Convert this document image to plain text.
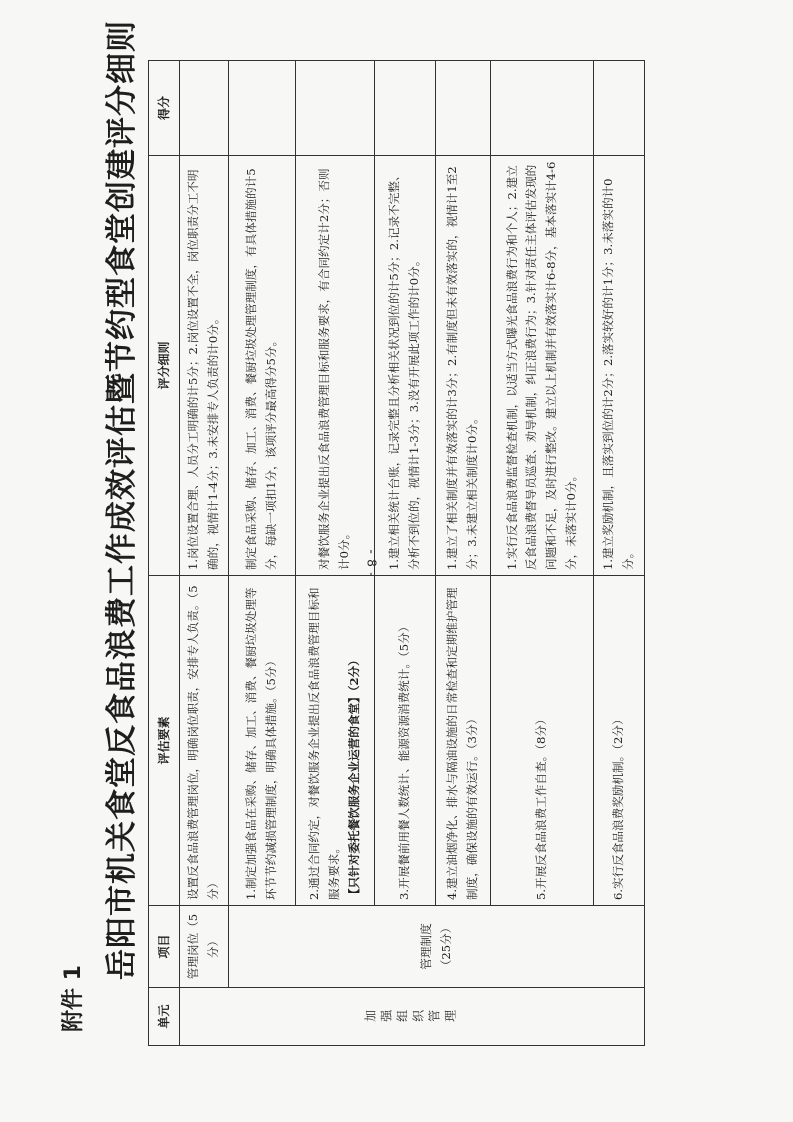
- 8 -
附件 1
岳阳市机关食堂反食品浪费工作成效评估暨节约型食堂创建评分细则
单元	项目	评估要素	评分细则	得分

加强组织管理	管理岗位（5分）	设置反食品浪费管理岗位，明确岗位职责，安排专人负责。（5分）	1.岗位设置合理、人员分工明确的计5分；2.岗位设置不全，岗位职责分工不明确的，视情计1-4分；3.未安排专人负责的计0分。	
	管理制度（25分）	1.制定加强食品在采购、储存、加工、消费、餐厨垃圾处理等环节节约减损管理制度，明确具体措施。（5分）	制定食品采购、储存、加工、消费、餐厨垃圾处理管理制度，有具体措施的计5分，每缺一项扣1分，该项评分最高得分5分。	
		2.通过合同约定，对餐饮服务企业提出反食品浪费管理目标和服务要求。 【只针对委托餐饮服务企业运营的食堂】（2分）	对餐饮服务企业提出反食品浪费管理目标和服务要求，有合同约定计2分；否则计0分。	
		3.开展餐前用餐人数统计、能源资源消费统计。（5分）	1.建立相关统计台账，记录完整且分析相关状况到位的计5分；2.记录不完整、分析不到位的，视情计1-3分；3.没有开展此项工作的计0分。	
		4.建立油烟净化、排水与隔油设施的日常检查和定期维护管理制度，确保设施的有效运行。（3分）	1.建立了相关制度并有效落实的计3分；2.有制度但未有效落实的，视情计1至2分；3.未建立相关制度计0分。	
		5.开展反食品浪费工作自查。（8分）	1.实行反食品浪费监督检查机制，以适当方式曝光食品浪费行为和个人；2.建立反食品浪费督导员巡查、劝导机制，纠正浪费行为；3.针对责任主体评估发现的问题和不足，及时进行整改。建立以上机制并有效落实计6-8分，基本落实计4-6分，未落实计0分。	
		6.实行反食品浪费奖励机制。（2分）	1.建立奖励机制，且落实到位的计2分；2.落实较好的计1分；3.未落实的计0分。	
